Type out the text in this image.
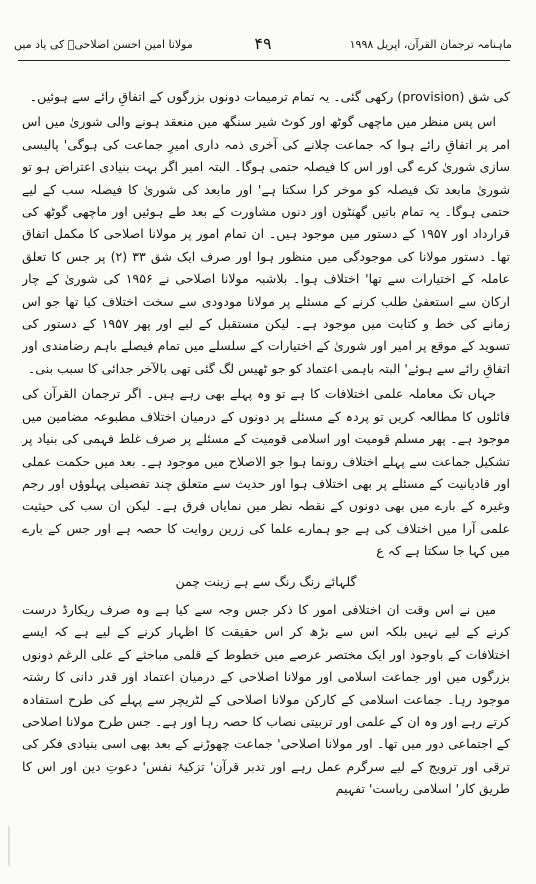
ماہنامہ ترجمان القرآن، اپریل ۱۹۹۸
۴۹
مولانا امین احسن اصلاحیؒ کی یاد میں

کی شق (provision) رکھی گئی۔ یہ تمام ترمیمات دونوں بزرگوں کے اتفاقِ رائے سے ہوئیں۔

اس پس منظر میں ماچھی گوٹھ اور کوٹ شیر سنگھ میں منعقد ہونے والی شوریٰ میں اس امر پر اتفاقِ رائے ہوا کہ جماعت چلانے کی آخری ذمہ داری امیرِ جماعت کی ہوگی' پالیسی سازی شوریٰ کرے گی اور اس کا فیصلہ حتمی ہوگا۔ البتہ امیر اگر بہت بنیادی اعتراض ہو تو شوریٰ مابعد تک فیصلہ کو موخر کرا سکتا ہے' اور مابعد کی شوریٰ کا فیصلہ سب کے لیے حتمی ہوگا۔ یہ تمام باتیں گھنٹوں اور دنوں مشاورت کے بعد طے ہوئیں اور ماچھی گوٹھ کی قرارداد اور ۱۹۵۷ کے دستور میں موجود ہیں۔ ان تمام امور پر مولانا اصلاحی کا مکمل اتفاق تھا۔ دستور مولانا کی موجودگی میں منظور ہوا اور صرف ایک شق ۳۳ (۲) پر جس کا تعلق عاملہ کے اختیارات سے تھا' اختلاف ہوا۔ بلاشبہ مولانا اصلاحی نے ۱۹۵۶ کی شوریٰ کے چار ارکان سے استعفیٰ طلب کرنے کے مسئلے پر مولانا مودودی سے سخت اختلاف کیا تھا جو اس زمانے کی خط و کتابت میں موجود ہے۔ لیکن مستقبل کے لیے اور پھر ۱۹۵۷ کے دستور کی تسوید کے موقع پر امیر اور شوریٰ کے اختیارات کے سلسلے میں تمام فیصلے باہم رضامندی اور اتفاقِ رائے سے ہوئے' البتہ باہمی اعتماد کو جو ٹھیس لگ گئی تھی بالآخر جدائی کا سبب بنی۔

جہاں تک معاملہ علمی اختلافات کا ہے تو وہ پہلے بھی رہے ہیں۔ اگر ترجمان القرآن کی فائلوں کا مطالعہ کریں تو پردہ کے مسئلے پر دونوں کے درمیان اختلاف مطبوعہ مضامین میں موجود ہے۔ پھر مسلم قومیت اور اسلامی قومیت کے مسئلے پر صرف غلط فہمی کی بنیاد پر تشکیل جماعت سے پہلے اختلاف رونما ہوا جو الاصلاح میں موجود ہے۔ بعد میں حکمت عملی اور قادیانیت کے مسئلے پر بھی اختلاف ہوا اور حدیث سے متعلق چند تفصیلی پہلوؤں اور رجم وغیرہ کے بارے میں بھی دونوں کے نقطہ نظر میں نمایاں فرق ہے۔ لیکن ان سب کی حیثیت علمی آرا میں اختلاف کی ہے جو ہمارے علما کی زرین روایت کا حصہ ہے اور جس کے بارے میں کہا جا سکتا ہے کہ ع

گلہائے رنگ رنگ سے ہے زینت چمن

میں نے اس وقت ان اختلافی امور کا ذکر جس وجہ سے کیا ہے وہ صرف ریکارڈ درست کرنے کے لیے نہیں بلکہ اس سے بڑھ کر اس حقیقت کا اظہار کرنے کے لیے ہے کہ ایسے اختلافات کے باوجود اور ایک مختصر عرصے میں خطوط کے قلمی مباحثے کے علی الرغم دونوں بزرگوں میں اور جماعت اسلامی اور مولانا اصلاحی کے درمیان اعتماد اور قدر دانی کا رشتہ موجود رہا۔ جماعت اسلامی کے کارکن مولانا اصلاحی کے لٹریچر سے پہلے کی طرح استفادہ کرتے رہے اور وہ ان کے علمی اور تربیتی نصاب کا حصہ رہا اور ہے۔ جس طرح مولانا اصلاحی کے اجتماعی دور میں تھا۔ اور مولانا اصلاحی' جماعت چھوڑنے کے بعد بھی اسی بنیادی فکر کی ترقی اور ترویج کے لیے سرگرم عمل رہے اور تدبر قرآن' تزکیۂ نفس' دعوتِ دین اور اس کا طریق کار' اسلامی ریاست' تفہیم
